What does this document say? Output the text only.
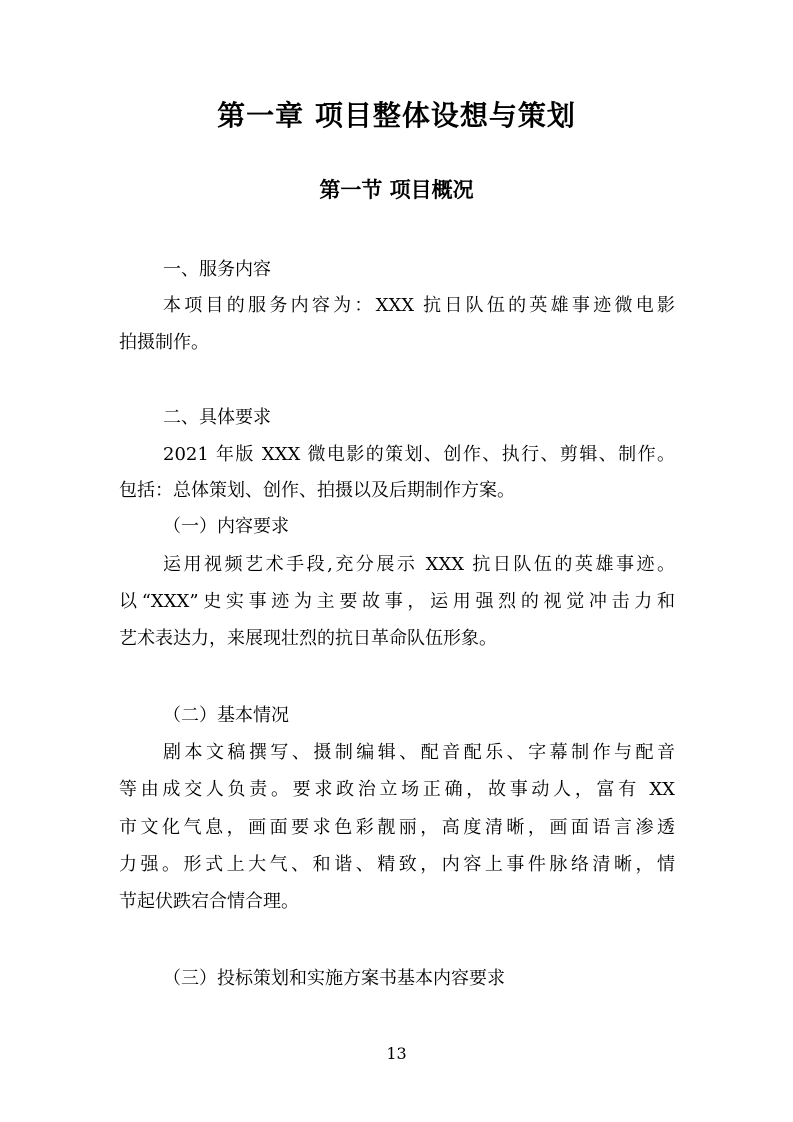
第一章 项目整体设想与策划
第一节 项目概况
一、服务内容
本项目的服务内容为：XXX 抗日队伍的英雄事迹微电影
拍摄制作。
二、具体要求
2021 年版 XXX 微电影的策划、创作、执行、剪辑、制作。
包括：总体策划、创作、拍摄以及后期制作方案。
（一）内容要求
运用视频艺术手段,充分展示 XXX 抗日队伍的英雄事迹。
以“XXX”史实事迹为主要故事，运用强烈的视觉冲击力和
艺术表达力，来展现壮烈的抗日革命队伍形象。
（二）基本情况
剧本文稿撰写、摄制编辑、配音配乐、字幕制作与配音
等由成交人负责。要求政治立场正确，故事动人，富有 XX
市文化气息，画面要求色彩靓丽，高度清晰，画面语言渗透
力强。形式上大气、和谐、精致，内容上事件脉络清晰，情
节起伏跌宕合情合理。
（三）投标策划和实施方案书基本内容要求
13
